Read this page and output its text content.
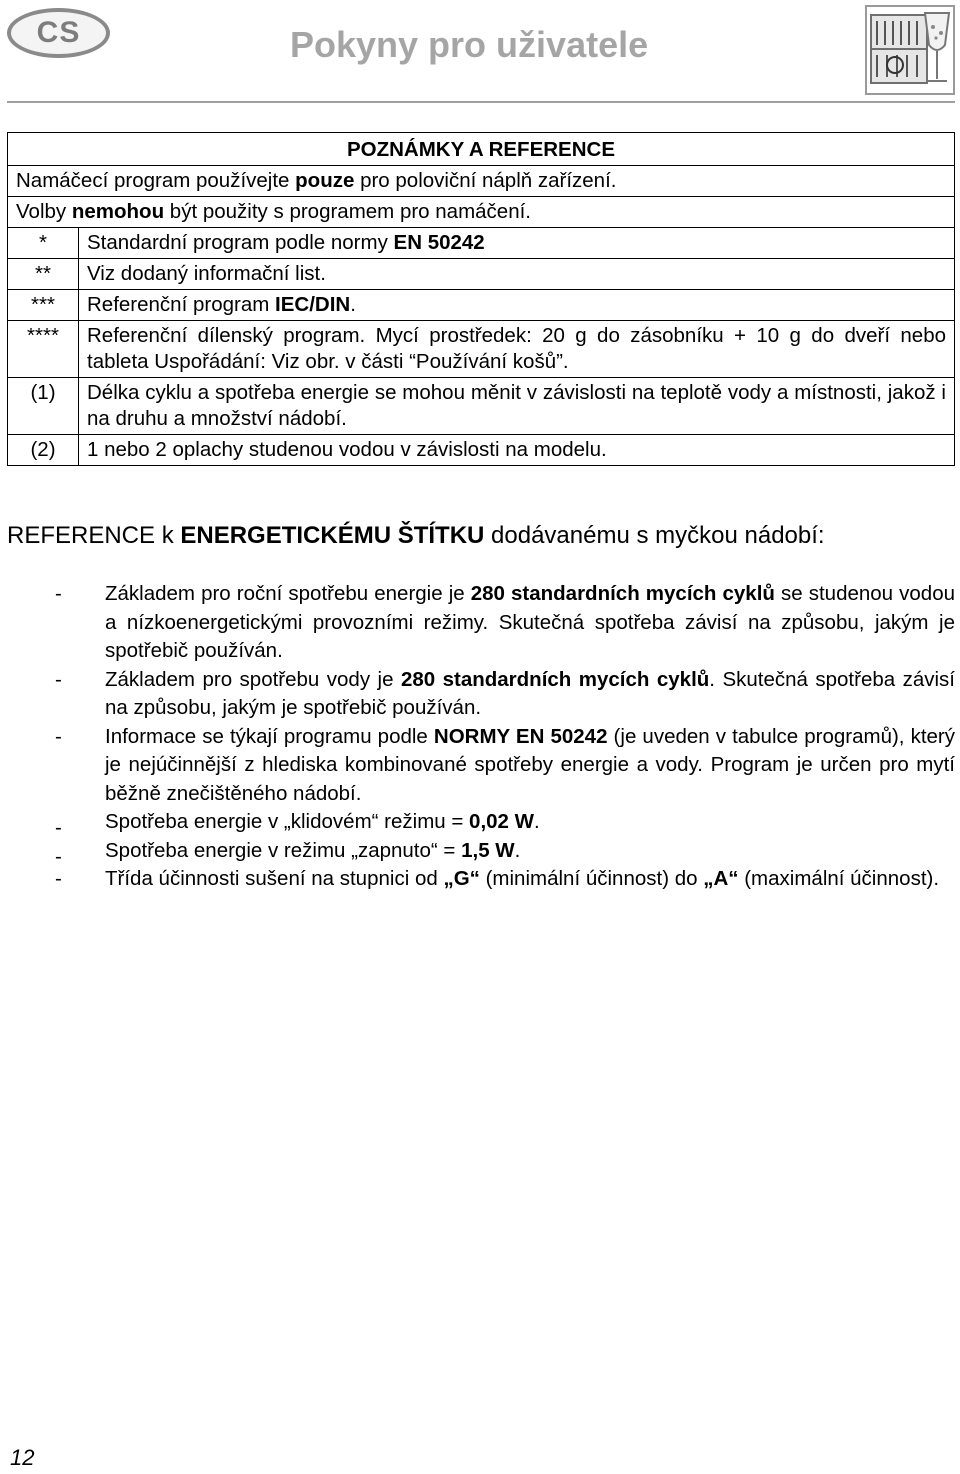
CS	Pokyny pro uživatele
POZNÁMKY A REFERENCE	
Namáčecí program používejte pouze pro poloviční náplň zařízení.	
Volby nemohou být použity s programem pro namáčení.	
*	Standardní program podle normy EN 50242
**	Viz dodaný informační list.
***	Referenční program IEC/DIN.
****	Referenční dílenský program. Mycí prostředek: 20 g do zásobníku + 10 g do dveří nebo tableta Uspořádání: Viz obr. v části “Používání košů”.
(1)	Délka cyklu a spotřeba energie se mohou měnit v závislosti na teplotě vody a místnosti, jakož i na druhu a množství nádobí.
(2)	1 nebo 2 oplachy studenou vodou v závislosti na modelu.
REFERENCE k ENERGETICKÉMU ŠTÍTKU dodávanému s myčkou nádobí:
-	Základem pro roční spotřebu energie je 280 standardních mycích cyklů se studenou vodou a nízkoenergetickými provozními režimy. Skutečná spotřeba závisí na způsobu, jakým je spotřebič používán.
-	Základem pro spotřebu vody je 280 standardních mycích cyklů. Skutečná spotřeba závisí na způsobu, jakým je spotřebič používán.
-	Informace se týkají programu podle NORMY EN 50242 (je uveden v tabulce programů), který je nejúčinnější z hlediska kombinované spotřeby energie a vody. Program je určen pro mytí běžně znečištěného nádobí.
-	Spotřeba energie v „klidovém“ režimu = 0,02 W.
-	Spotřeba energie v režimu „zapnuto“ = 1,5 W.
-	Třída účinnosti sušení na stupnici od „G“ (minimální účinnost) do „A“ (maximální účinnost).
12
